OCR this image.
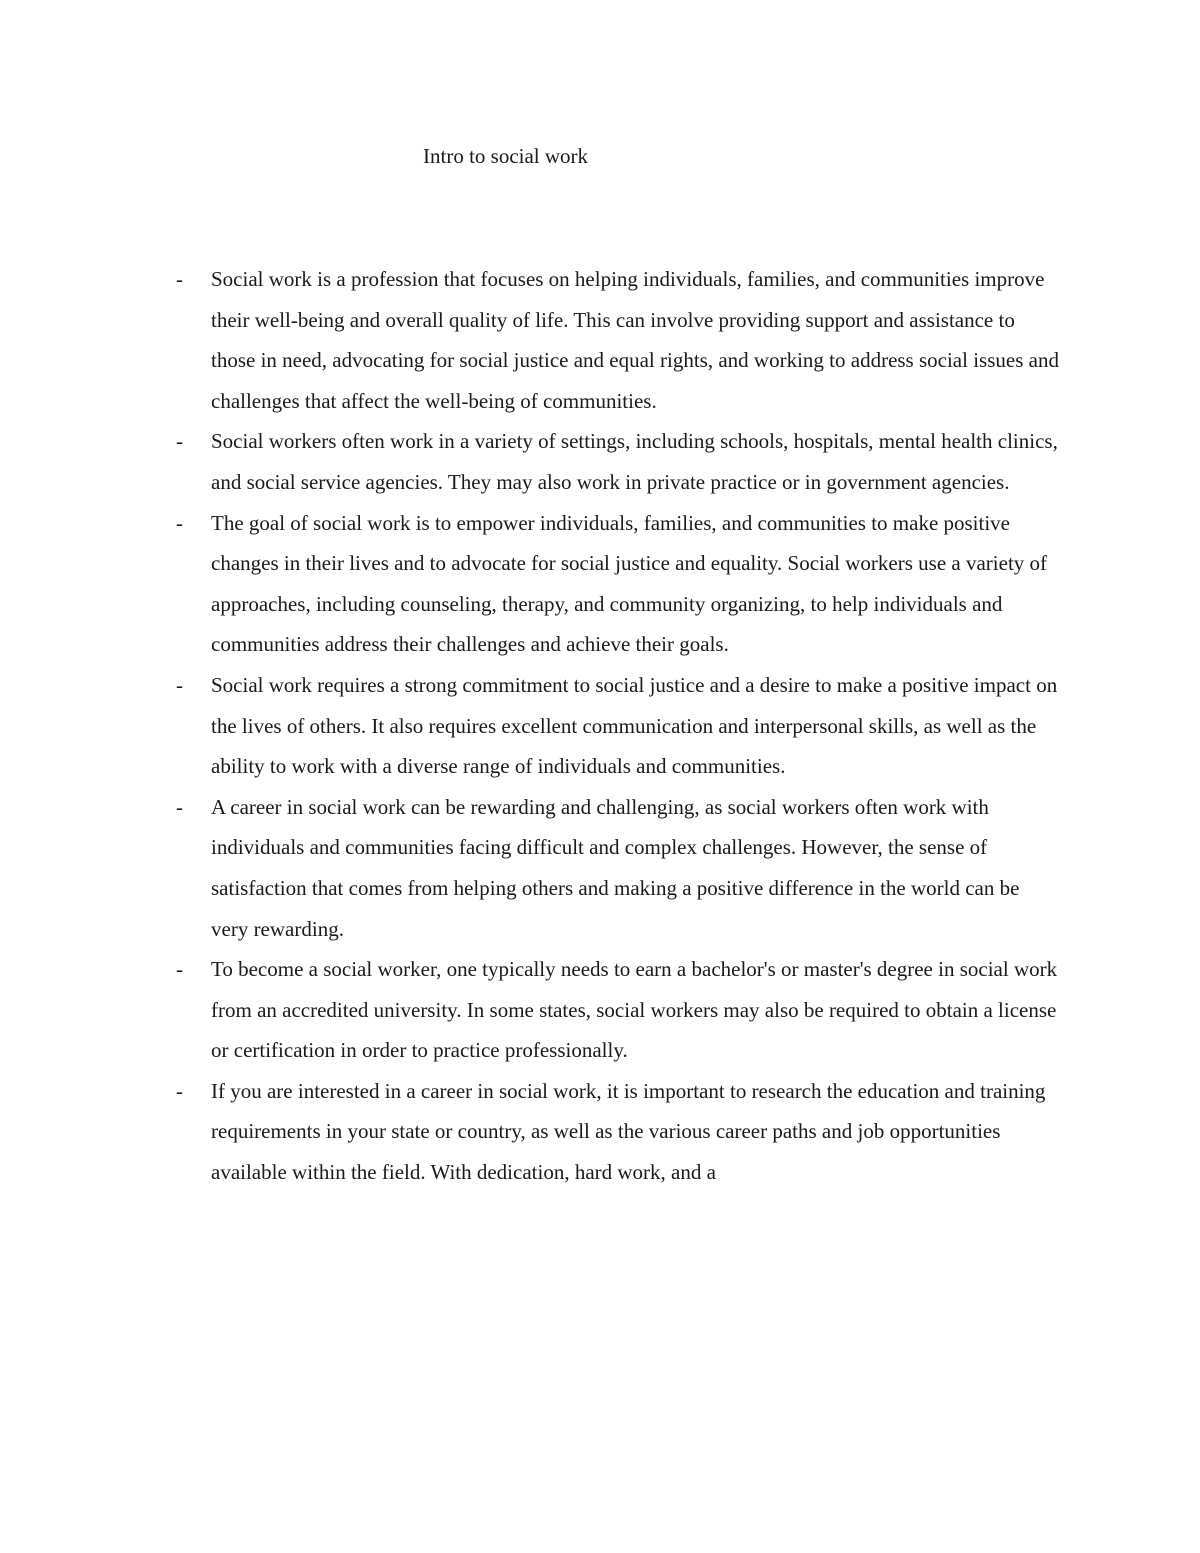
Intro to social work
- Social work is a profession that focuses on helping individuals, families, and communities improve their well-being and overall quality of life. This can involve providing support and assistance to those in need, advocating for social justice and equal rights, and working to address social issues and challenges that affect the well-being of communities.
- Social workers often work in a variety of settings, including schools, hospitals, mental health clinics, and social service agencies. They may also work in private practice or in government agencies.
- The goal of social work is to empower individuals, families, and communities to make positive changes in their lives and to advocate for social justice and equality. Social workers use a variety of approaches, including counseling, therapy, and community organizing, to help individuals and communities address their challenges and achieve their goals.
- Social work requires a strong commitment to social justice and a desire to make a positive impact on the lives of others. It also requires excellent communication and interpersonal skills, as well as the ability to work with a diverse range of individuals and communities.
- A career in social work can be rewarding and challenging, as social workers often work with individuals and communities facing difficult and complex challenges. However, the sense of satisfaction that comes from helping others and making a positive difference in the world can be very rewarding.
- To become a social worker, one typically needs to earn a bachelor's or master's degree in social work from an accredited university. In some states, social workers may also be required to obtain a license or certification in order to practice professionally.
- If you are interested in a career in social work, it is important to research the education and training requirements in your state or country, as well as the various career paths and job opportunities available within the field. With dedication, hard work, and a
